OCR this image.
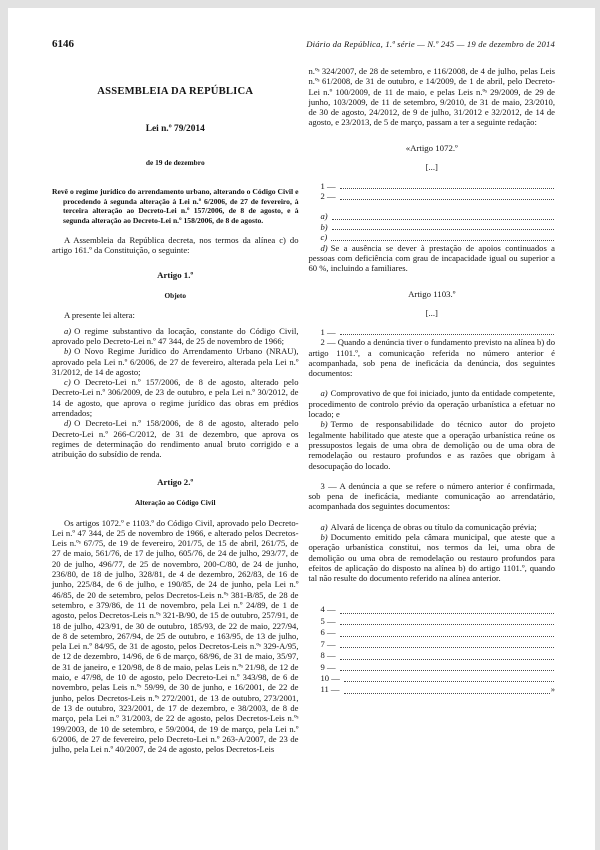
6146	Diário da República, 1.ª série — N.º 245 — 19 de dezembro de 2014
ASSEMBLEIA DA REPÚBLICA
Lei n.º 79/2014
de 19 de dezembro
Revê o regime jurídico do arrendamento urbano, alterando o Código Civil e procedendo à segunda alteração à Lei n.º 6/2006, de 27 de fevereiro, à terceira alteração ao Decreto-Lei n.º 157/2006, de 8 de agosto, e à segunda alteração ao Decreto-Lei n.º 158/2006, de 8 de agosto.

A Assembleia da República decreta, nos termos da alínea c) do artigo 161.º da Constituição, o seguinte:

Artigo 1.º
Objeto

A presente lei altera:

a) O regime substantivo da locação, constante do Código Civil, aprovado pelo Decreto-Lei n.º 47 344, de 25 de novembro de 1966;

b) O Novo Regime Jurídico do Arrendamento Urbano (NRAU), aprovado pela Lei n.º 6/2006, de 27 de fevereiro, alterada pela Lei n.º 31/2012, de 14 de agosto;

c) O Decreto-Lei n.º 157/2006, de 8 de agosto, alterado pelo Decreto-Lei n.º 306/2009, de 23 de outubro, e pela Lei n.º 30/2012, de 14 de agosto, que aprova o regime jurídico das obras em prédios arrendados;

d) O Decreto-Lei n.º 158/2006, de 8 de agosto, alterado pelo Decreto-Lei n.º 266-C/2012, de 31 de dezembro, que aprova os regimes de determinação do rendimento anual bruto corrigido e a atribuição do subsídio de renda.

Artigo 2.º
Alteração ao Código Civil

Os artigos 1072.º e 1103.º do Código Civil, aprovado pelo Decreto-Lei n.º 47 344, de 25 de novembro de 1966, e alterado pelos Decretos-Leis n.ºˢ 67/75, de 19 de fevereiro, 201/75, de 15 de abril, 261/75, de 27 de maio, 561/76, de 17 de julho, 605/76, de 24 de julho, 293/77, de 20 de julho, 496/77, de 25 de novembro, 200-C/80, de 24 de junho, 236/80, de 18 de julho, 328/81, de 4 de dezembro, 262/83, de 16 de junho, 225/84, de 6 de julho, e 190/85, de 24 de junho, pela Lei n.º 46/85, de 20 de setembro, pelos Decretos-Leis n.ºˢ 381-B/85, de 28 de setembro, e 379/86, de 11 de novembro, pela Lei n.º 24/89, de 1 de agosto, pelos Decretos-Leis n.ºˢ 321-B/90, de 15 de outubro, 257/91, de 18 de julho, 423/91, de 30 de outubro, 185/93, de 22 de maio, 227/94, de 8 de setembro, 267/94, de 25 de outubro, e 163/95, de 13 de julho, pela Lei n.º 84/95, de 31 de agosto, pelos Decretos-Leis n.ºˢ 329-A/95, de 12 de dezembro, 14/96, de 6 de março, 68/96, de 31 de maio, 35/97, de 31 de janeiro, e 120/98, de 8 de maio, pelas Leis n.ºˢ 21/98, de 12 de maio, e 47/98, de 10 de agosto, pelo Decreto-Lei n.º 343/98, de 6 de novembro, pelas Leis n.ºˢ 59/99, de 30 de junho, e 16/2001, de 22 de junho, pelos Decretos-Leis n.ºˢ 272/2001, de 13 de outubro, 273/2001, de 13 de outubro, 323/2001, de 17 de dezembro, e 38/2003, de 8 de março, pela Lei n.º 31/2003, de 22 de agosto, pelos Decretos-Leis n.ºˢ 199/2003, de 10 de setembro, e 59/2004, de 19 de março, pela Lei n.º 6/2006, de 27 de fevereiro, pelo Decreto-Lei n.º 263-A/2007, de 23 de julho, pela Lei n.º 40/2007, de 24 de agosto, pelos Decretos-Leis

n.ºˢ 324/2007, de 28 de setembro, e 116/2008, de 4 de julho, pelas Leis n.ºˢ 61/2008, de 31 de outubro, e 14/2009, de 1 de abril, pelo Decreto-Lei n.º 100/2009, de 11 de maio, e pelas Leis n.ºˢ 29/2009, de 29 de junho, 103/2009, de 11 de setembro, 9/2010, de 31 de maio, 23/2010, de 30 de agosto, 24/2012, de 9 de julho, 31/2012 e 32/2012, de 14 de agosto, e 23/2013, de 5 de março, passam a ter a seguinte redação:

«Artigo 1072.º
[...]
1 —
2 —
a)
b)
c)

d) Se a ausência se dever à prestação de apoios continuados a pessoas com deficiência com grau de incapacidade igual ou superior a 60 %, incluindo a familiares.

Artigo 1103.º
[...]
1 —

2 — Quando a denúncia tiver o fundamento previsto na alínea b) do artigo 1101.º, a comunicação referida no número anterior é acompanhada, sob pena de ineficácia da denúncia, dos seguintes documentos:

a) Comprovativo de que foi iniciado, junto da entidade competente, procedimento de controlo prévio da operação urbanística a efetuar no locado; e

b) Termo de responsabilidade do técnico autor do projeto legalmente habilitado que ateste que a operação urbanística reúne os pressupostos legais de uma obra de demolição ou de uma obra de remodelação ou restauro profundos e as razões que obrigam à desocupação do locado.

3 — A denúncia a que se refere o número anterior é confirmada, sob pena de ineficácia, mediante comunicação ao arrendatário, acompanhada dos seguintes documentos:

a) Alvará de licença de obras ou título da comunicação prévia;

b) Documento emitido pela câmara municipal, que ateste que a operação urbanística constitui, nos termos da lei, uma obra de demolição ou uma obra de remodelação ou restauro profundos para efeitos de aplicação do disposto na alínea b) do artigo 1101.º, quando tal não resulte do documento referido na alínea anterior.

4 —
5 —
6 —
7 —
8 —
9 —
10 —
11 —	»
